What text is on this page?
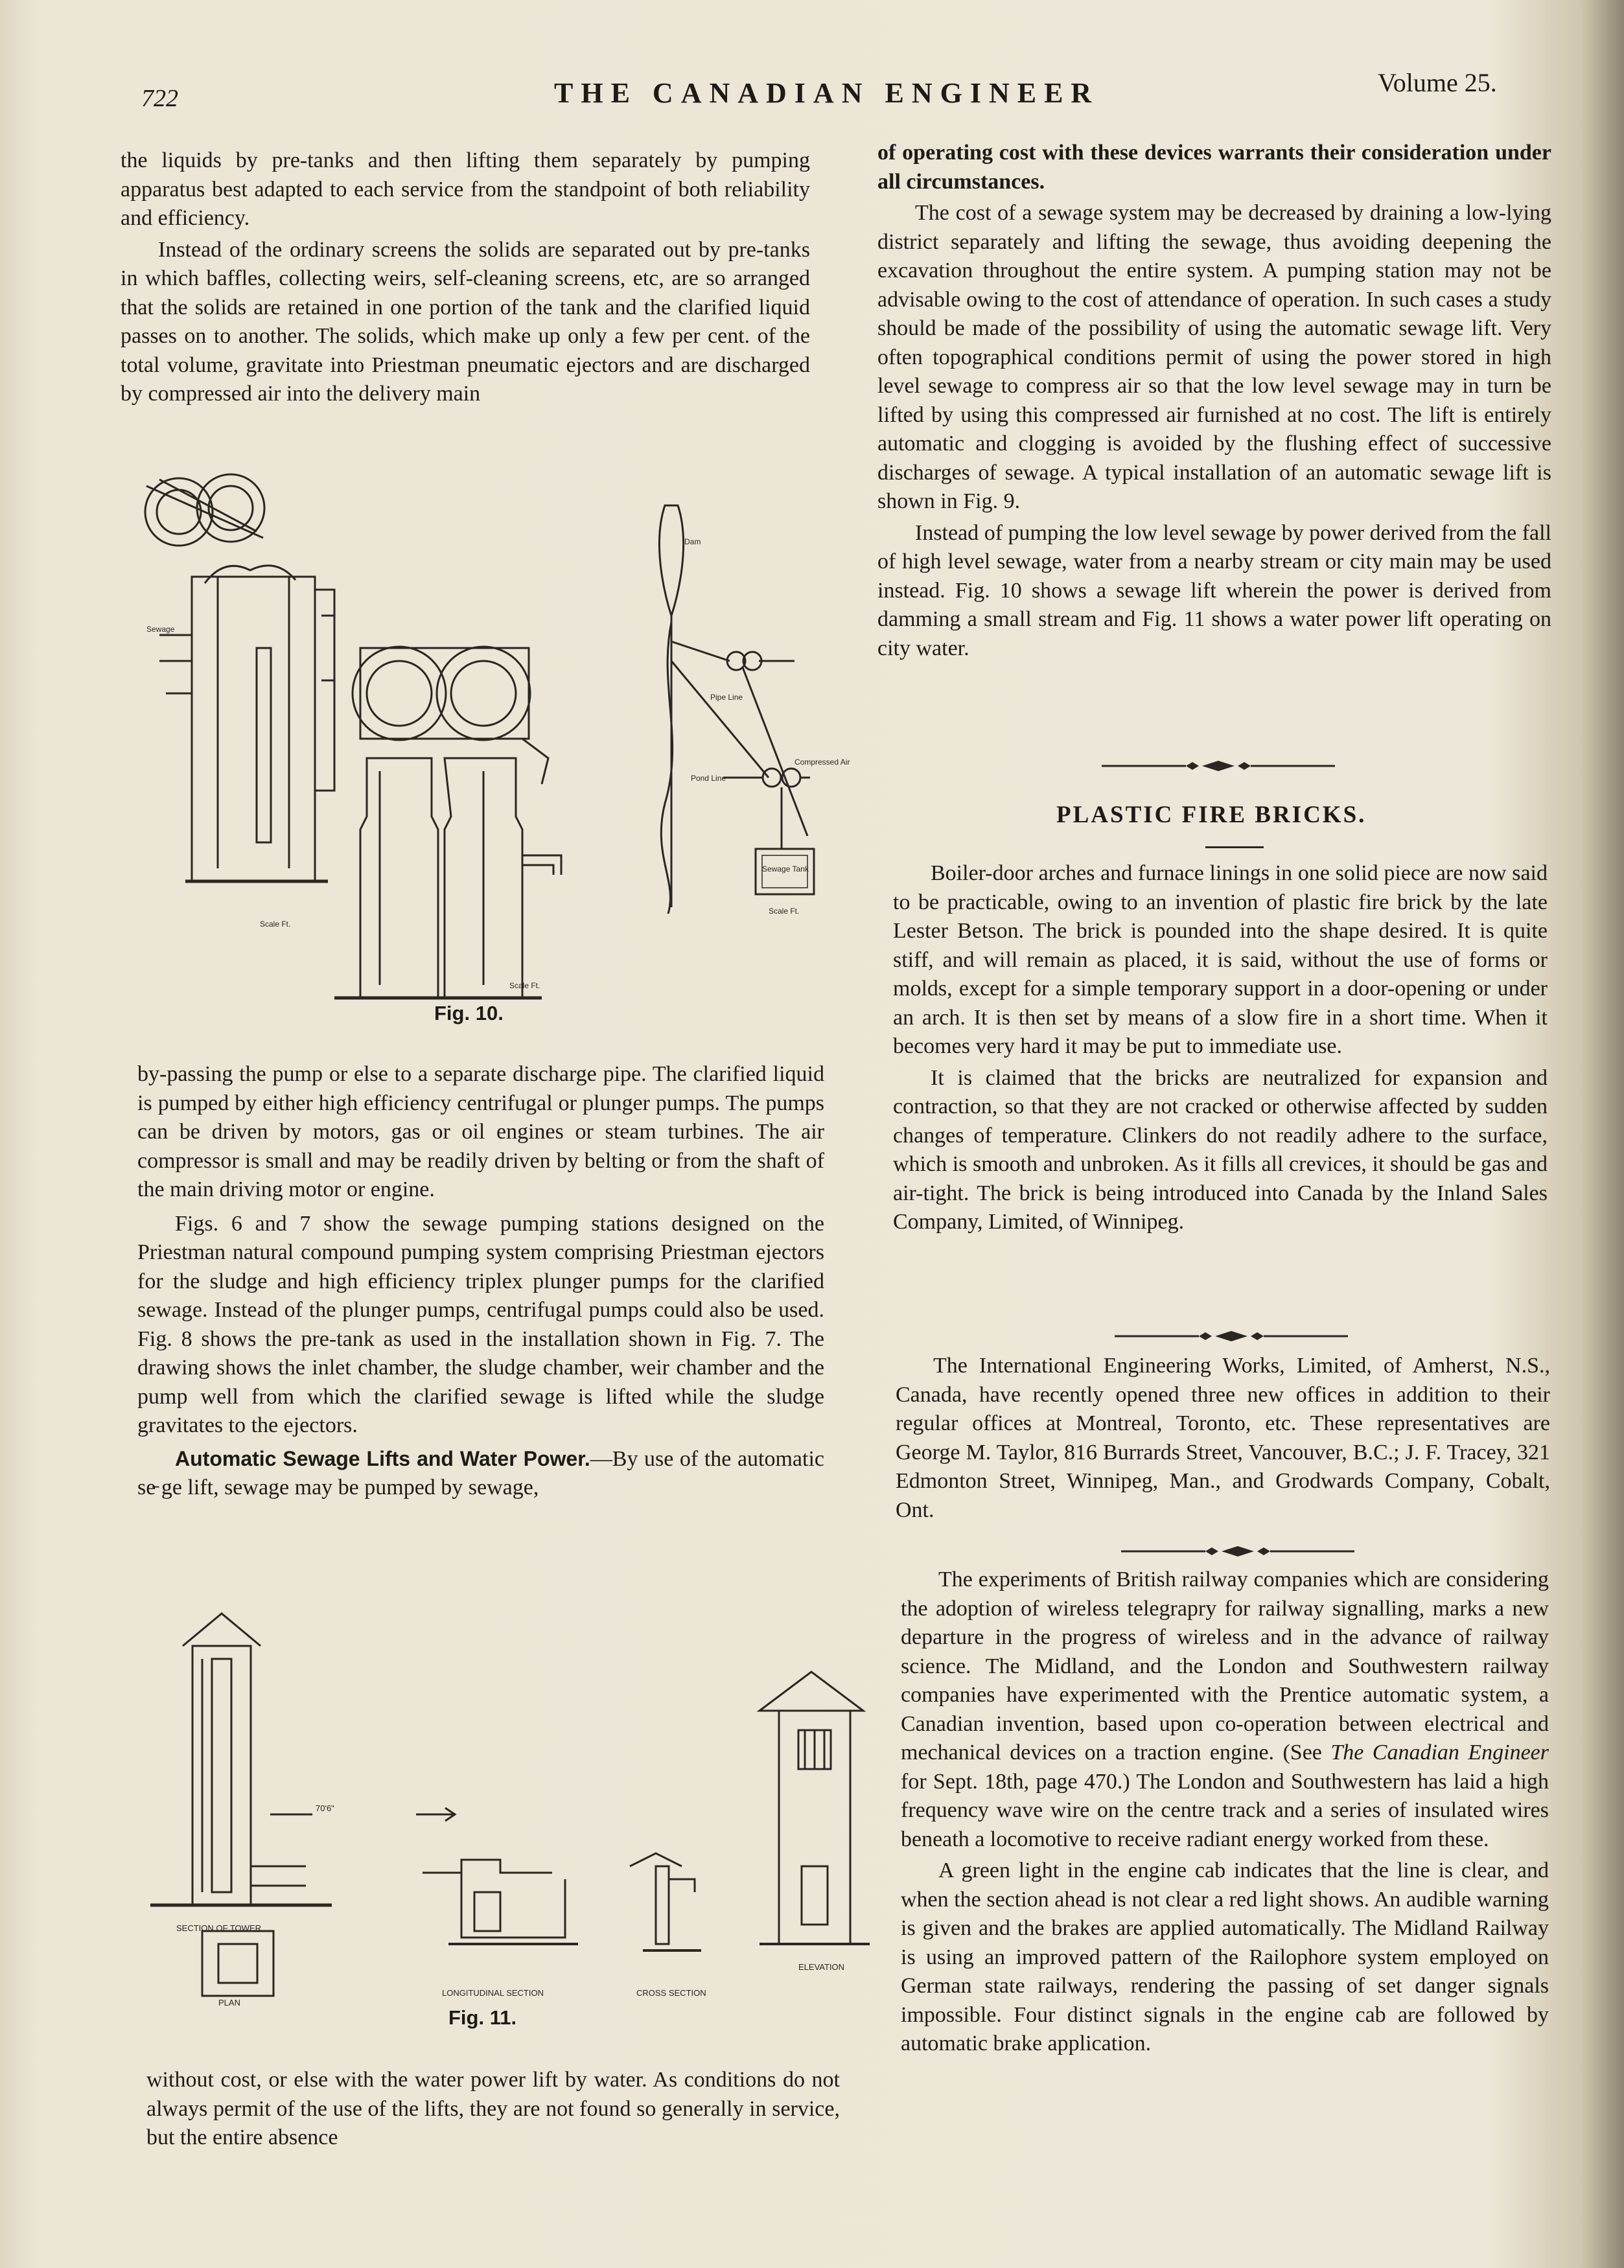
722	THE CANADIAN ENGINEER	Volume 25.

the liquids by pre-tanks and then lifting them separately by pumping apparatus best adapted to each service from the standpoint of both reliability and efficiency.

Instead of the ordinary screens the solids are separated out by pre-tanks in which baffles, collecting weirs, self-cleaning screens, etc, are so arranged that the solids are retained in one portion of the tank and the clarified liquid passes on to another. The solids, which make up only a few per cent. of the total volume, gravitate into Priestman pneumatic ejectors and are discharged by compressed air into the delivery main

Scale Ft.
Scale Ft.
Scale Ft.
Dam
Pipe Line
Pond Line
Sewage Tank
Compressed Air
Sewage
Fig. 10.

by-passing the pump or else to a separate discharge pipe. The clarified liquid is pumped by either high efficiency centrifugal or plunger pumps. The pumps can be driven by motors, gas or oil engines or steam turbines. The air compressor is small and may be readily driven by belting or from the shaft of the main driving motor or engine.

Figs. 6 and 7 show the sewage pumping stations designed on the Priestman natural compound pumping system comprising Priestman ejectors for the sludge and high efficiency triplex plunger pumps for the clarified sewage. Instead of the plunger pumps, centrifugal pumps could also be used. Fig. 8 shows the pre-tank as used in the installation shown in Fig. 7. The drawing shows the inlet chamber, the sludge chamber, weir chamber and the pump well from which the clarified sewage is lifted while the sludge gravitates to the ejectors.

Automatic Sewage Lifts and Water Power.—By use of the automatic se̵ ge lift, sewage may be pumped by sewage,

SECTION OF TOWER
PLAN
LONGITUDINAL SECTION	CROSS SECTION
ELEVATION
70'6"
Fig. 11.

without cost, or else with the water power lift by water. As conditions do not always permit of the use of the lifts, they are not found so generally in service, but the entire absence

of operating cost with these devices warrants their consideration under all circumstances.

The cost of a sewage system may be decreased by draining a low-lying district separately and lifting the sewage, thus avoiding deepening the excavation throughout the entire system. A pumping station may not be advisable owing to the cost of attendance of operation. In such cases a study should be made of the possibility of using the automatic sewage lift. Very often topographical conditions permit of using the power stored in high level sewage to compress air so that the low level sewage may in turn be lifted by using this compressed air furnished at no cost. The lift is entirely automatic and clogging is avoided by the flushing effect of successive discharges of sewage. A typical installation of an automatic sewage lift is shown in Fig. 9.

Instead of pumping the low level sewage by power derived from the fall of high level sewage, water from a nearby stream or city main may be used instead. Fig. 10 shows a sewage lift wherein the power is derived from damming a small stream and Fig. 11 shows a water power lift operating on city water.

PLASTIC FIRE BRICKS.

Boiler-door arches and furnace linings in one solid piece are now said to be practicable, owing to an invention of plastic fire brick by the late Lester Betson. The brick is pounded into the shape desired. It is quite stiff, and will remain as placed, it is said, without the use of forms or molds, except for a simple temporary support in a door-opening or under an arch. It is then set by means of a slow fire in a short time. When it becomes very hard it may be put to immediate use.

It is claimed that the bricks are neutralized for expansion and contraction, so that they are not cracked or otherwise affected by sudden changes of temperature. Clinkers do not readily adhere to the surface, which is smooth and unbroken. As it fills all crevices, it should be gas and air-tight. The brick is being introduced into Canada by the Inland Sales Company, Limited, of Winnipeg.

The International Engineering Works, Limited, of Amherst, N.S., Canada, have recently opened three new offices in addition to their regular offices at Montreal, Toronto, etc. These representatives are George M. Taylor, 816 Burrards Street, Vancouver, B.C.; J. F. Tracey, 321 Edmonton Street, Winnipeg, Man., and Grodwards Company, Cobalt, Ont.

The experiments of British railway companies which are considering the adoption of wireless telegrapry for railway signalling, marks a new departure in the progress of wireless and in the advance of railway science. The Midland, and the London and Southwestern railway companies have experimented with the Prentice automatic system, a Canadian invention, based upon co-operation between electrical and mechanical devices on a traction engine. (See The Canadian Engineer for Sept. 18th, page 470.) The London and Southwestern has laid a high frequency wave wire on the centre track and a series of insulated wires beneath a locomotive to receive radiant energy worked from these.

A green light in the engine cab indicates that the line is clear, and when the section ahead is not clear a red light shows. An audible warning is given and the brakes are applied automatically. The Midland Railway is using an improved pattern of the Railophore system employed on German state railways, rendering the passing of set danger signals impossible. Four distinct signals in the engine cab are followed by automatic brake application.
